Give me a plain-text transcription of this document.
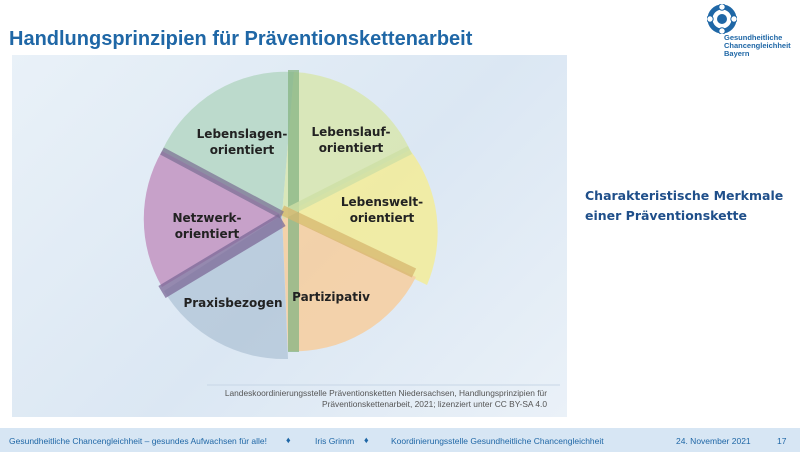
Handlungsprinzipien für Präventionskettenarbeit	Gesundheitliche
Chancengleichheit
Bayern
Lebenslagen-
orientiert
Lebenslauf-
orientiert
Lebenswelt-
orientiert
Partizipativ
Praxisbezogen
Netzwerk-
orientiert
Landeskoordinierungsstelle Präventionsketten Niedersachsen, Handlungsprinzipien für
Präventionskettenarbeit, 2021; lizenziert unter CC BY-SA 4.0
Charakteristische Merkmale
einer Präventionskette
Gesundheitliche Chancengleichheit – gesundes Aufwachsen für alle! ♦	Iris Grimm ♦	Koordinierungsstelle Gesundheitliche Chancengleichheit	24. November 2021	17
